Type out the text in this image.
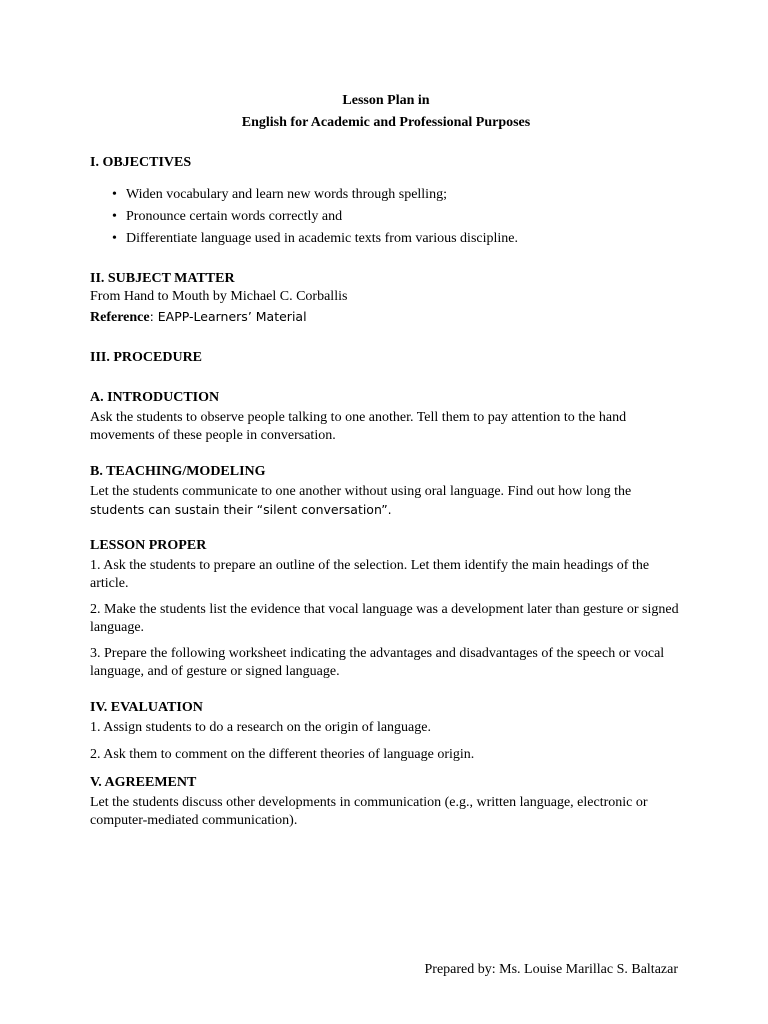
Lesson Plan in

English for Academic and Professional Purposes

I. OBJECTIVES

• Widen vocabulary and learn new words through spelling;
• Pronounce certain words correctly and
• Differentiate language used in academic texts from various discipline.

II. SUBJECT MATTER

From Hand to Mouth by Michael C. Corballis

Reference: EAPP-Learners’ Material

III. PROCEDURE

A. INTRODUCTION

Ask the students to observe people talking to one another. Tell them to pay attention to the hand movements of these people in conversation.

B. TEACHING/MODELING

Let the students communicate to one another without using oral language. Find out how long the

students can sustain their “silent conversation”.

LESSON PROPER

1. Ask the students to prepare an outline of the selection. Let them identify the main headings of the article.

2. Make the students list the evidence that vocal language was a development later than gesture or signed language.

3. Prepare the following worksheet indicating the advantages and disadvantages of the speech or vocal language, and of gesture or signed language.

IV. EVALUATION

1. Assign students to do a research on the origin of language.

2. Ask them to comment on the different theories of language origin.

V. AGREEMENT

Let the students discuss other developments in communication (e.g., written language, electronic or computer-mediated communication).

Prepared by: Ms. Louise Marillac S. Baltazar
